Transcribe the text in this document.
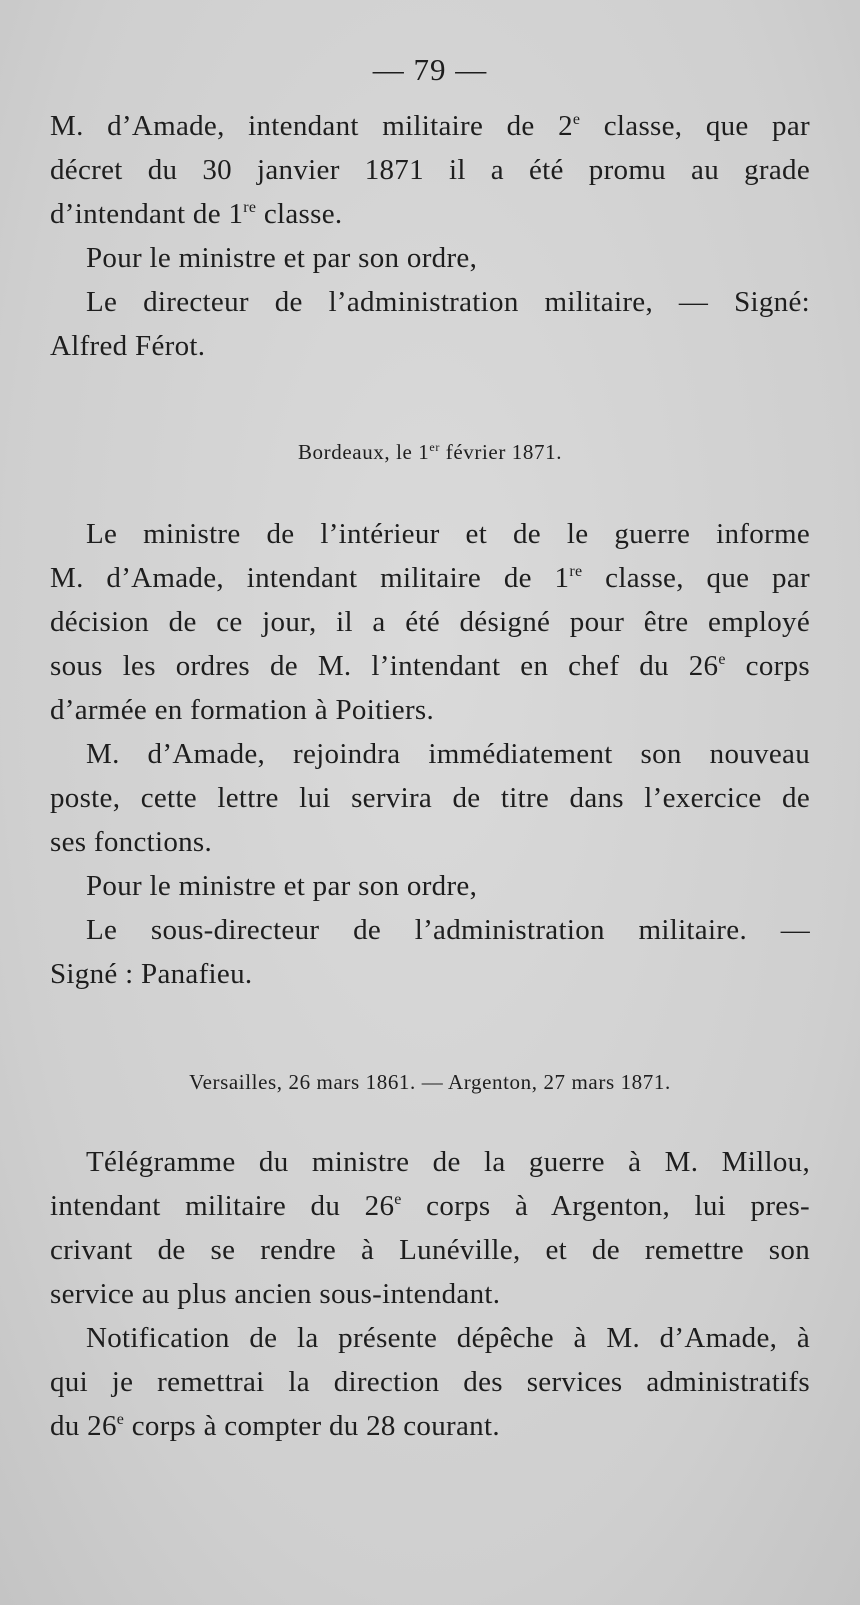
— 79 —
M. d’Amade, intendant militaire de 2e classe, que par
décret du 30 janvier 1871 il a été promu au grade
d’intendant de 1re classe.
Pour le ministre et par son ordre,
Le directeur de l’administration militaire, — Signé:
Alfred Férot.
Bordeaux, le 1er février 1871.
Le ministre de l’intérieur et de le guerre informe
M. d’Amade, intendant militaire de 1re classe, que par
décision de ce jour, il a été désigné pour être employé
sous les ordres de M. l’intendant en chef du 26e corps
d’armée en formation à Poitiers.
M. d’Amade, rejoindra immédiatement son nouveau
poste, cette lettre lui servira de titre dans l’exercice de
ses fonctions.
Pour le ministre et par son ordre,
Le sous-directeur de l’administration militaire. —
Signé : Panafieu.
Versailles, 26 mars 1861. — Argenton, 27 mars 1871.
Télégramme du ministre de la guerre à M. Millou,
intendant militaire du 26e corps à Argenton, lui pres-
crivant de se rendre à Lunéville, et de remettre son
service au plus ancien sous-intendant.
Notification de la présente dépêche à M. d’Amade, à
qui je remettrai la direction des services administratifs
du 26e corps à compter du 28 courant.
